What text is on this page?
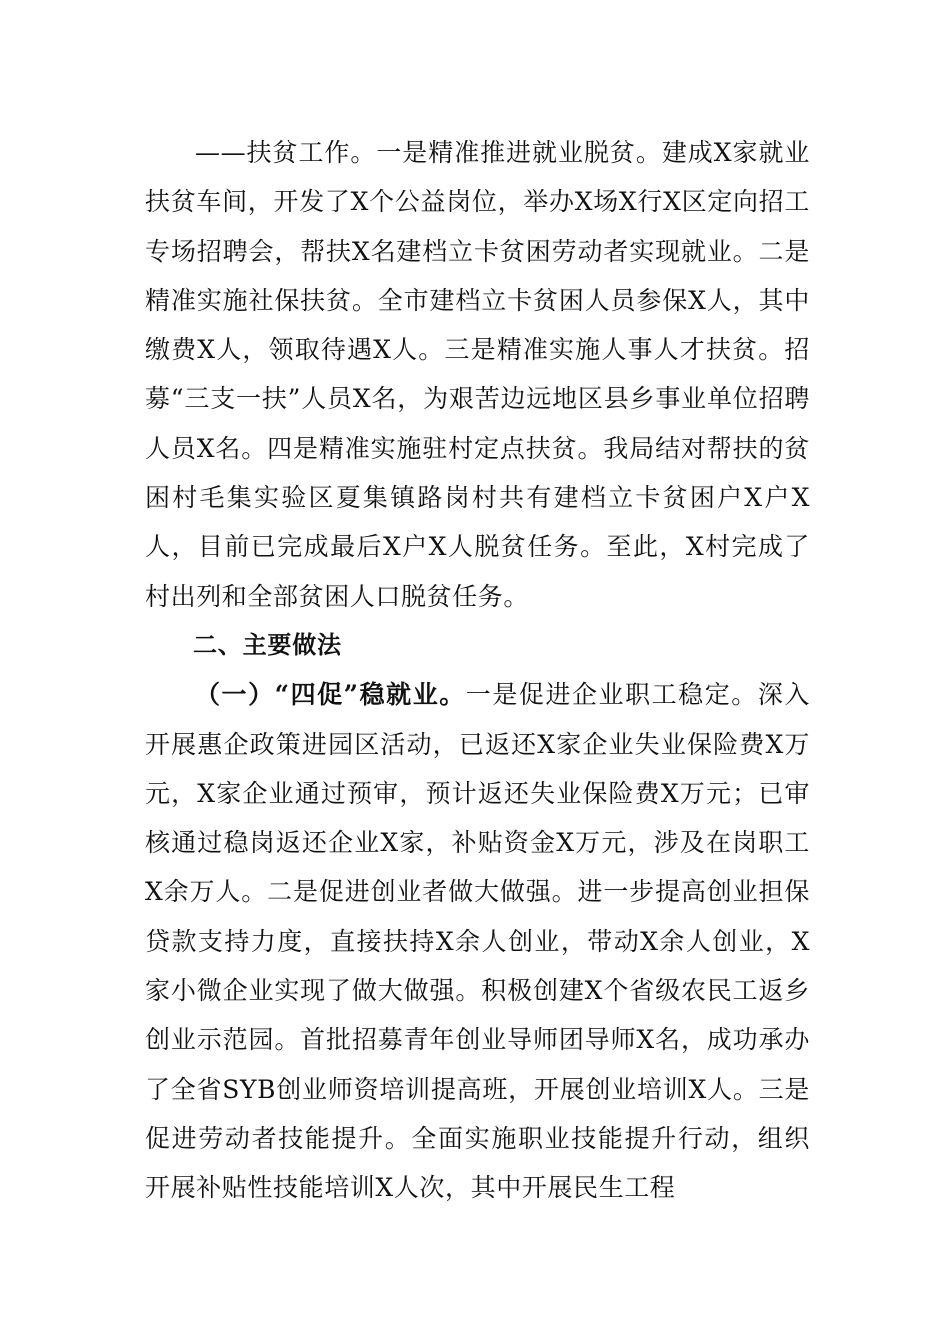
——扶贫工作。一是精准推进就业脱贫。建成X家就业扶贫车间，开发了X个公益岗位，举办X场X行X区定向招工专场招聘会，帮扶X名建档立卡贫困劳动者实现就业。二是精准实施社保扶贫。全市建档立卡贫困人员参保X人，其中缴费X人，领取待遇X人。三是精准实施人事人才扶贫。招募“三支一扶”人员X名，为艰苦边远地区县乡事业单位招聘人员X名。四是精准实施驻村定点扶贫。我局结对帮扶的贫困村毛集实验区夏集镇路岗村共有建档立卡贫困户X户X人，目前已完成最后X户X人脱贫任务。至此，X村完成了村出列和全部贫困人口脱贫任务。

二、主要做法

（一）“四促”稳就业。一是促进企业职工稳定。深入开展惠企政策进园区活动，已返还X家企业失业保险费X万元，X家企业通过预审，预计返还失业保险费X万元；已审核通过稳岗返还企业X家，补贴资金X万元，涉及在岗职工X余万人。二是促进创业者做大做强。进一步提高创业担保贷款支持力度，直接扶持X余人创业，带动X余人创业，X家小微企业实现了做大做强。积极创建X个省级农民工返乡创业示范园。首批招募青年创业导师团导师X名，成功承办了全省SYB创业师资培训提高班，开展创业培训X人。三是促进劳动者技能提升。全面实施职业技能提升行动，组织开展补贴性技能培训X人次，其中开展民生工程
